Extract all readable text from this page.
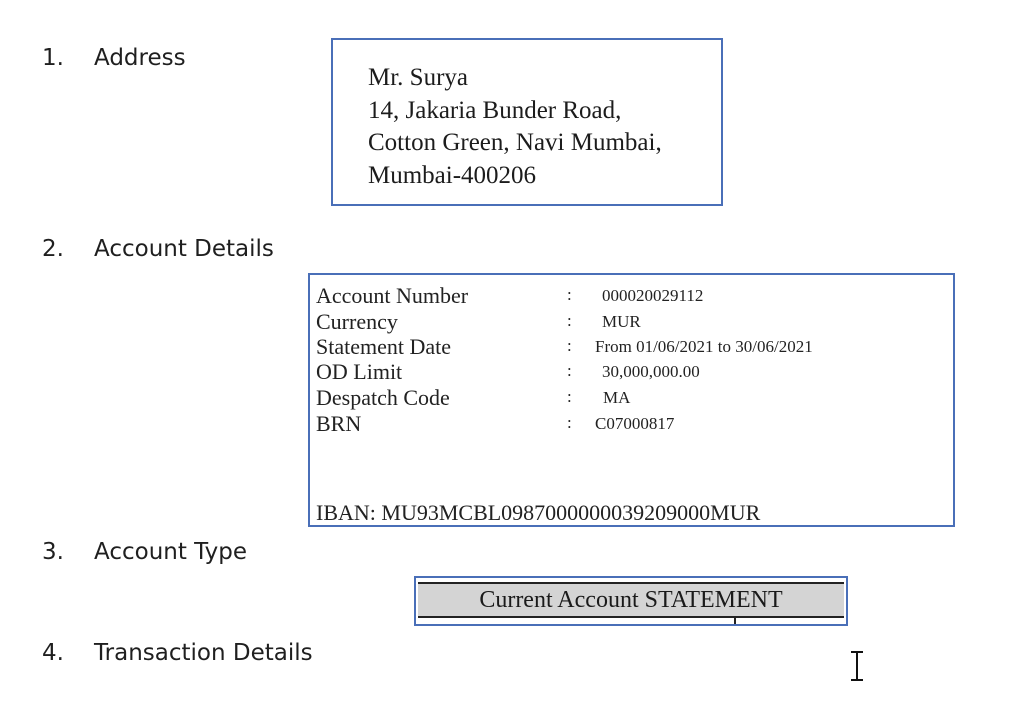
1. Address
2. Account Details
3. Account Type
4. Transaction Details
Mr. Surya
14, Jakaria Bunder Road,
Cotton Green, Navi Mumbai,
Mumbai-400206
Account Number	: 000020029112
Currency	: MUR
Statement Date	: From 01/06/2021 to 30/06/2021
OD Limit	: 30,000,000.00
Despatch Code	: MA
BRN	: C07000817
IBAN: MU93MCBL0987000000039209000MUR
Current Account STATEMENT
